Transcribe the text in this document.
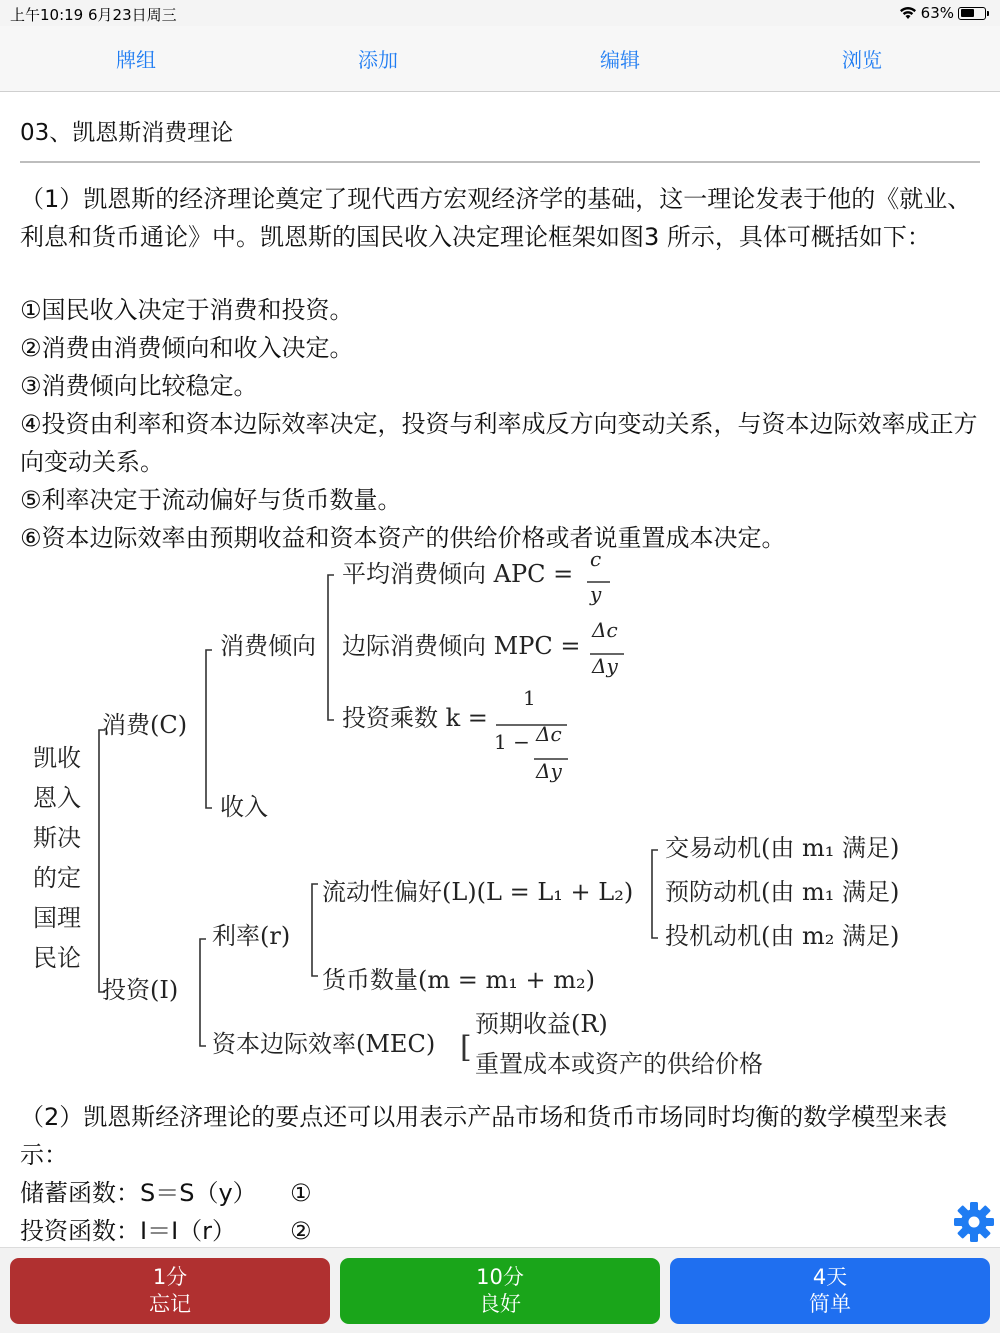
上午10:19 6月23日周三	63%
牌组	添加	编辑	浏览
03、凯恩斯消费理论
（1）凯恩斯的经济理论奠定了现代西方宏观经济学的基础，这一理论发表于他的《就业、利息和货币通论》中。凯恩斯的国民收入决定理论框架如图3 所示，具体可概括如下：
①国民收入决定于消费和投资。
②消费由消费倾向和收入决定。
③消费倾向比较稳定。
④投资由利率和资本边际效率决定，投资与利率成反方向变动关系，与资本边际效率成正方向变动关系。
⑤利率决定于流动偏好与货币数量。
⑥资本边际效率由预期收益和资本资产的供给价格或者说重置成本决定。
[
凯收
恩入
斯决
的定
国理
民论
消费(C)
消费倾向
平均消费倾向 APC =
c
y
边际消费倾向 MPC =
Δc
Δy
投资乘数 k =
1
1 − Δc
Δy
收入
投资(I)
利率(r)
流动性偏好(L)(L = L₁ + L₂)
交易动机(由 m₁ 满足)
预防动机(由 m₁ 满足)
投机动机(由 m₂ 满足)
货币数量(m = m₁ + m₂)
资本边际效率(MEC)
预期收益(R)
重置成本或资产的供给价格
（2）凯恩斯经济理论的要点还可以用表示产品市场和货币市场同时均衡的数学模型来表示：
储蓄函数：S＝S（y） ①
投资函数：I＝I（r） ②
1分
忘记
10分
良好
4天
简单
